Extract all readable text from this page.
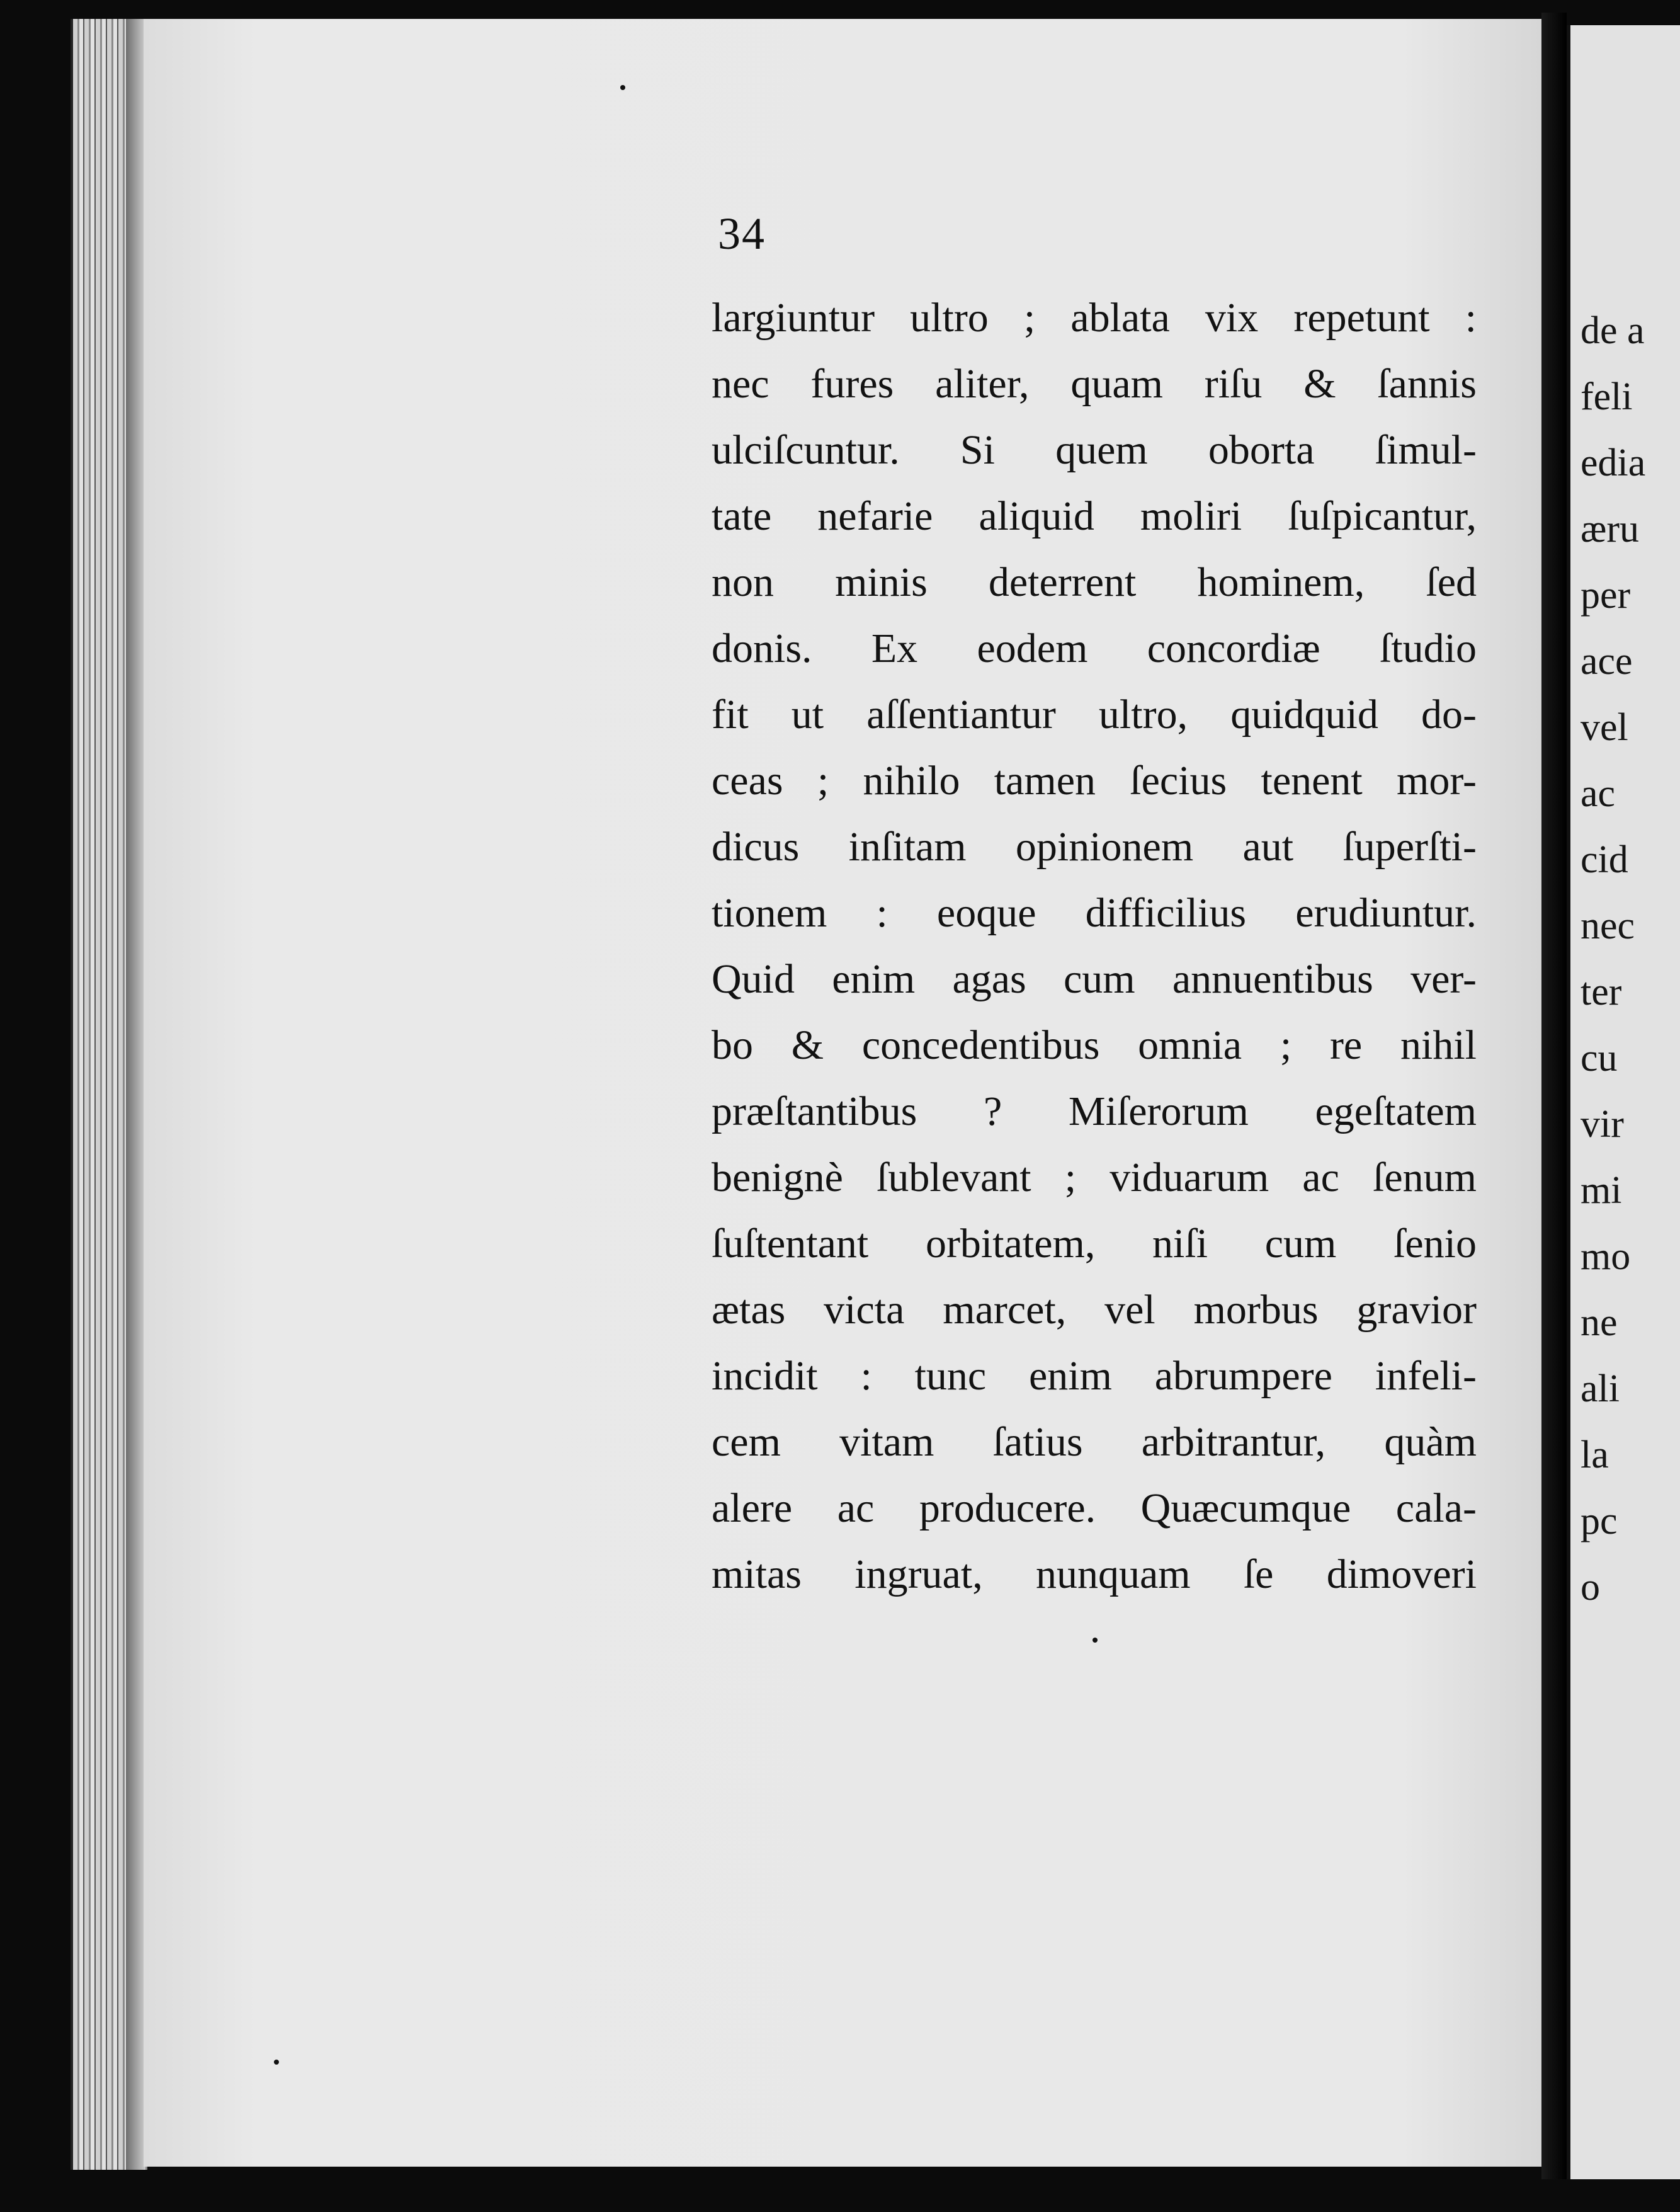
34
largiuntur ultro ; ablata vix repetunt :
nec fures aliter, quam riſu & ſannis
ulciſcuntur. Si quem oborta ſimul-
tate nefarie aliquid moliri ſuſpicantur,
non minis deterrent hominem, ſed
donis. Ex eodem concordiæ ſtudio
fit ut aſſentiantur ultro, quidquid do-
ceas ; nihilo tamen ſecius tenent mor-
dicus inſitam opinionem aut ſuperſti-
tionem : eoque difficilius erudiuntur.
Quid enim agas cum annuentibus ver-
bo & concedentibus omnia ; re nihil
præſtantibus ? Miſerorum egeſtatem
benignè ſublevant ; viduarum ac ſenum
ſuſtentant orbitatem, niſi cum ſenio
ætas victa marcet, vel morbus gravior
incidit : tunc enim abrumpere infeli-
cem vitam ſatius arbitrantur, quàm
alere ac producere. Quæcumque cala-
mitas ingruat, nunquam ſe dimoveri
de a
feli
edia
æru
per
ace
vel
ac
cid
nec
ter
cu
vir
mi
mo
ne
ali
la
pc
o
